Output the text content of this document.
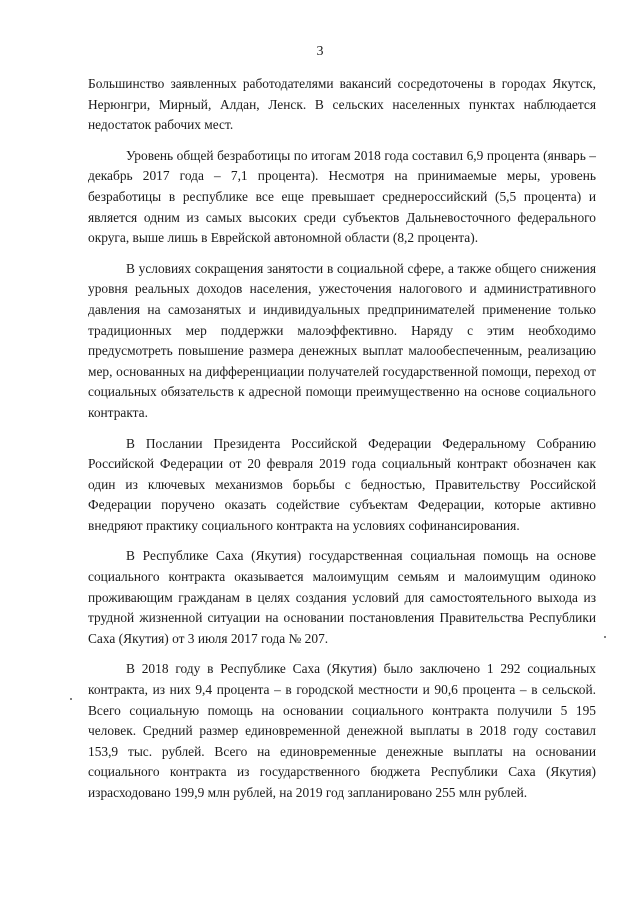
3

Большинство заявленных работодателями вакансий сосредоточены в городах Якутск, Нерюнгри, Мирный, Алдан, Ленск. В сельских населенных пунктах наблюдается недостаток рабочих мест.

Уровень общей безработицы по итогам 2018 года составил 6,9 процента (январь – декабрь 2017 года – 7,1 процента). Несмотря на принимаемые меры, уровень безработицы в республике все еще превышает среднероссийский (5,5 процента) и является одним из самых высоких среди субъектов Дальневосточного федерального округа, выше лишь в Еврейской автономной области (8,2 процента).

В условиях сокращения занятости в социальной сфере, а также общего снижения уровня реальных доходов населения, ужесточения налогового и административного давления на самозанятых и индивидуальных предпринимателей применение только традиционных мер поддержки малоэффективно. Наряду с этим необходимо предусмотреть повышение размера денежных выплат малообеспеченным, реализацию мер, основанных на дифференциации получателей государственной помощи, переход от социальных обязательств к адресной помощи преимущественно на основе социального контракта.

В Послании Президента Российской Федерации Федеральному Собранию Российской Федерации от 20 февраля 2019 года социальный контракт обозначен как один из ключевых механизмов борьбы с бедностью, Правительству Российской Федерации поручено оказать содействие субъектам Федерации, которые активно внедряют практику социального контракта на условиях софинансирования.

В Республике Саха (Якутия) государственная социальная помощь на основе социального контракта оказывается малоимущим семьям и малоимущим одиноко проживающим гражданам в целях создания условий для самостоятельного выхода из трудной жизненной ситуации на основании постановления Правительства Республики Саха (Якутия) от 3 июля 2017 года № 207.

В 2018 году в Республике Саха (Якутия) было заключено 1 292 социальных контракта, из них 9,4 процента – в городской местности и 90,6 процента – в сельской. Всего социальную помощь на основании социального контракта получили 5 195 человек. Средний размер единовременной денежной выплаты в 2018 году составил 153,9 тыс. рублей. Всего на единовременные денежные выплаты на основании социального контракта из государственного бюджета Республики Саха (Якутия) израсходовано 199,9 млн рублей, на 2019 год запланировано 255 млн рублей.
